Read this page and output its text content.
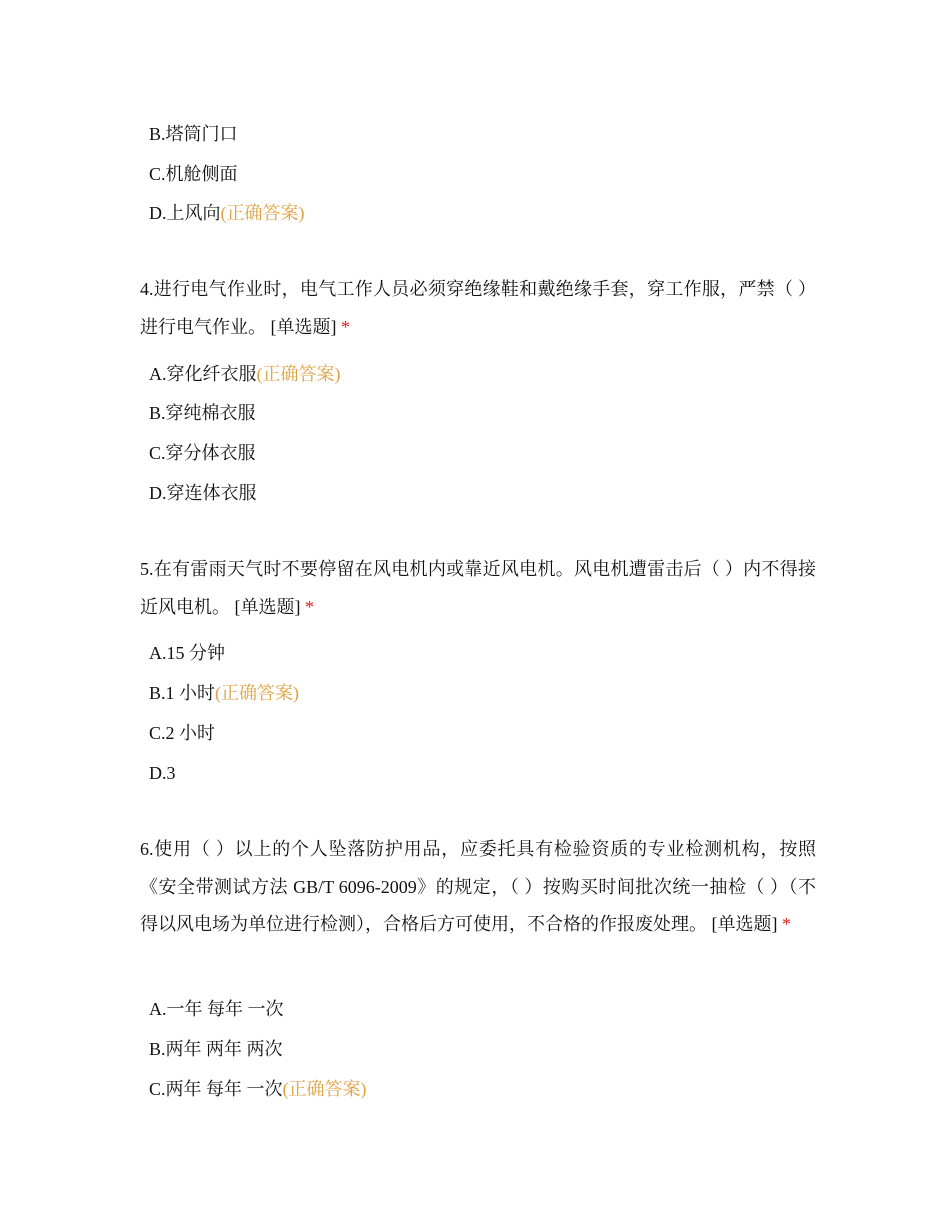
B.塔筒门口
C.机舱侧面
D.上风向(正确答案)
4.进行电气作业时，电气工作人员必须穿绝缘鞋和戴绝缘手套，穿工作服，严禁（ ）进行电气作业。 [单选题] *
A.穿化纤衣服(正确答案)
B.穿纯棉衣服
C.穿分体衣服
D.穿连体衣服
5.在有雷雨天气时不要停留在风电机内或靠近风电机。风电机遭雷击后（ ）内不得接近风电机。 [单选题] *
A.15 分钟
B.1 小时(正确答案)
C.2 小时
D.3
6.使用（ ）以上的个人坠落防护用品，应委托具有检验资质的专业检测机构，按照《安全带测试方法 GB/T 6096-2009》的规定，（ ）按购买时间批次统一抽检（ ）（不得以风电场为单位进行检测），合格后方可使用，不合格的作报废处理。 [单选题] *
A.一年 每年 一次
B.两年 两年 两次
C.两年 每年 一次(正确答案)
